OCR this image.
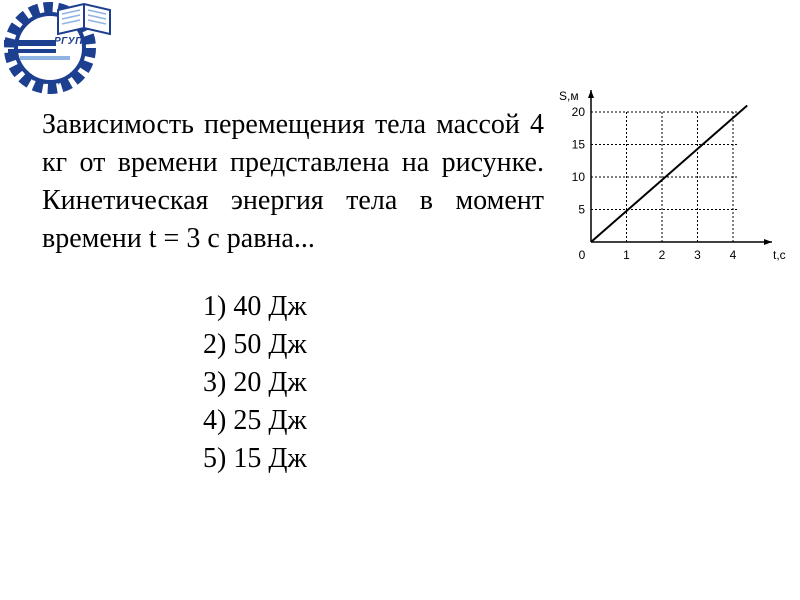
РОСТОВ-НА-ДОНУ
РГУПС
Зависимость перемещения тела массой 4 кг от времени представлена на рисунке. Кинетическая энергия тела в момент времени t = 3 с равна...
1) 40 Дж
2) 50 Дж
3) 20 Дж
4) 25 Дж
5) 15 Дж
1 2 3 4
5
10
15
20
0
S,м
t,c
